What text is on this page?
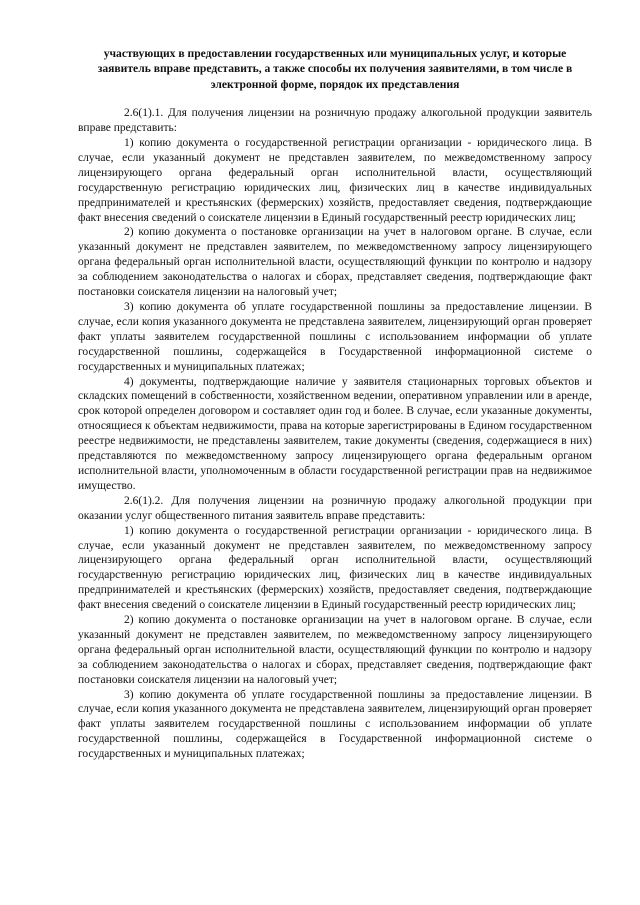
участвующих в предоставлении государственных или муниципальных услуг, и которые заявитель вправе представить, а также способы их получения заявителями, в том числе в электронной форме, порядок их представления

2.6(1).1. Для получения лицензии на розничную продажу алкогольной продукции заявитель вправе представить:

1) копию документа о государственной регистрации организации - юридического лица. В случае, если указанный документ не представлен заявителем, по межведомственному запросу лицензирующего органа федеральный орган исполнительной власти, осуществляющий государственную регистрацию юридических лиц, физических лиц в качестве индивидуальных предпринимателей и крестьянских (фермерских) хозяйств, предоставляет сведения, подтверждающие факт внесения сведений о соискателе лицензии в Единый государственный реестр юридических лиц;

2) копию документа о постановке организации на учет в налоговом органе. В случае, если указанный документ не представлен заявителем, по межведомственному запросу лицензирующего органа федеральный орган исполнительной власти, осуществляющий функции по контролю и надзору за соблюдением законодательства о налогах и сборах, представляет сведения, подтверждающие факт постановки соискателя лицензии на налоговый учет;

3) копию документа об уплате государственной пошлины за предоставление лицензии. В случае, если копия указанного документа не представлена заявителем, лицензирующий орган проверяет факт уплаты заявителем государственной пошлины с использованием информации об уплате государственной пошлины, содержащейся в Государственной информационной системе о государственных и муниципальных платежах;

4) документы, подтверждающие наличие у заявителя стационарных торговых объектов и складских помещений в собственности, хозяйственном ведении, оперативном управлении или в аренде, срок которой определен договором и составляет один год и более. В случае, если указанные документы, относящиеся к объектам недвижимости, права на которые зарегистрированы в Едином государственном реестре недвижимости, не представлены заявителем, такие документы (сведения, содержащиеся в них) представляются по межведомственному запросу лицензирующего органа федеральным органом исполнительной власти, уполномоченным в области государственной регистрации прав на недвижимое имущество.

2.6(1).2. Для получения лицензии на розничную продажу алкогольной продукции при оказании услуг общественного питания заявитель вправе представить:

1) копию документа о государственной регистрации организации - юридического лица. В случае, если указанный документ не представлен заявителем, по межведомственному запросу лицензирующего органа федеральный орган исполнительной власти, осуществляющий государственную регистрацию юридических лиц, физических лиц в качестве индивидуальных предпринимателей и крестьянских (фермерских) хозяйств, предоставляет сведения, подтверждающие факт внесения сведений о соискателе лицензии в Единый государственный реестр юридических лиц;

2) копию документа о постановке организации на учет в налоговом органе. В случае, если указанный документ не представлен заявителем, по межведомственному запросу лицензирующего органа федеральный орган исполнительной власти, осуществляющий функции по контролю и надзору за соблюдением законодательства о налогах и сборах, представляет сведения, подтверждающие факт постановки соискателя лицензии на налоговый учет;

3) копию документа об уплате государственной пошлины за предоставление лицензии. В случае, если копия указанного документа не представлена заявителем, лицензирующий орган проверяет факт уплаты заявителем государственной пошлины с использованием информации об уплате государственной пошлины, содержащейся в Государственной информационной системе о государственных и муниципальных платежах;
